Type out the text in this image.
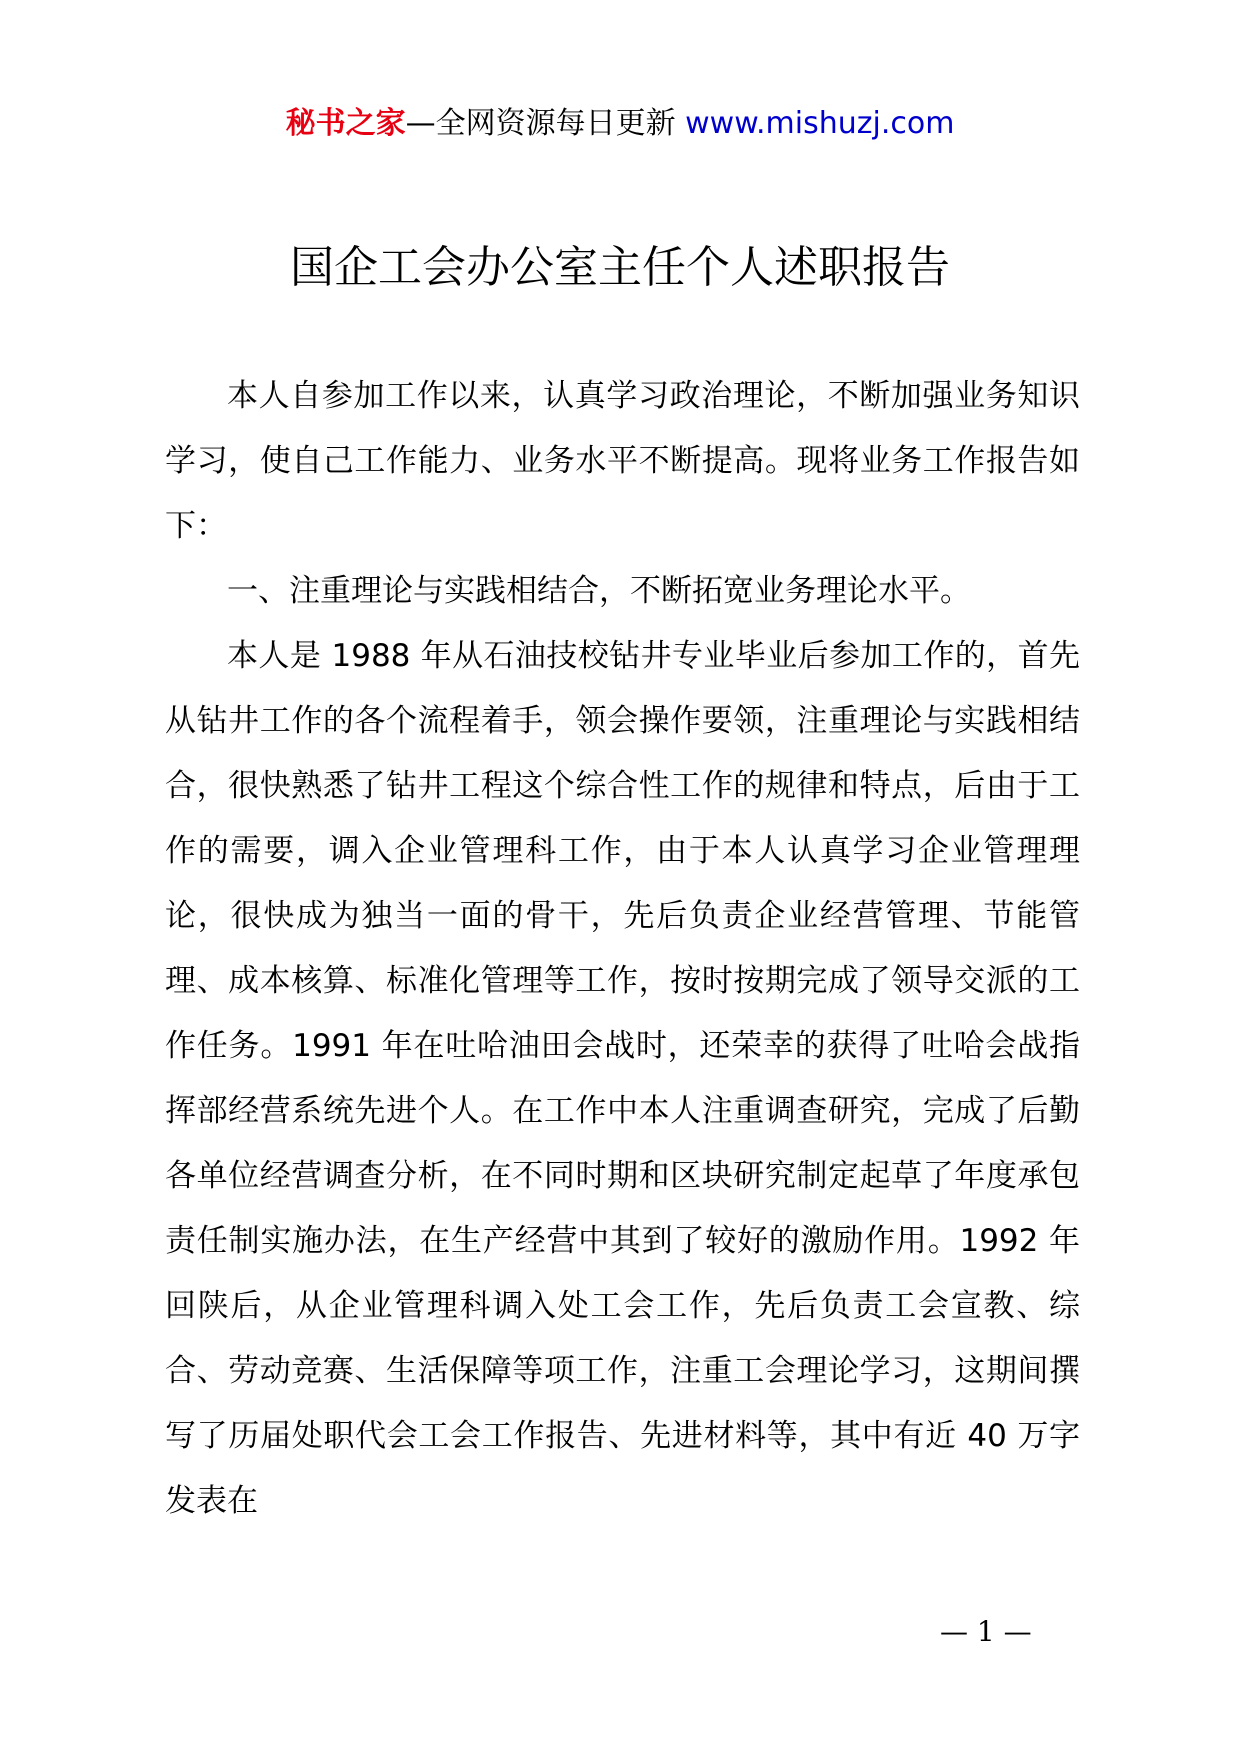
秘书之家—全网资源每日更新 www.mishuzj.com
国企工会办公室主任个人述职报告

本人自参加工作以来，认真学习政治理论，不断加强业务知识学习，使自己工作能力、业务水平不断提高。现将业务工作报告如下：

一、注重理论与实践相结合，不断拓宽业务理论水平。

本人是 1988 年从石油技校钻井专业毕业后参加工作的，首先从钻井工作的各个流程着手，领会操作要领，注重理论与实践相结合，很快熟悉了钻井工程这个综合性工作的规律和特点，后由于工作的需要，调入企业管理科工作，由于本人认真学习企业管理理论，很快成为独当一面的骨干，先后负责企业经营管理、节能管理、成本核算、标准化管理等工作，按时按期完成了领导交派的工作任务。1991 年在吐哈油田会战时，还荣幸的获得了吐哈会战指挥部经营系统先进个人。在工作中本人注重调查研究，完成了后勤各单位经营调查分析，在不同时期和区块研究制定起草了年度承包责任制实施办法，在生产经营中其到了较好的激励作用。1992 年回陕后，从企业管理科调入处工会工作，先后负责工会宣教、综合、劳动竞赛、生活保障等项工作，注重工会理论学习，这期间撰写了历届处职代会工会工作报告、先进材料等，其中有近 40 万字发表在

— 1 —
